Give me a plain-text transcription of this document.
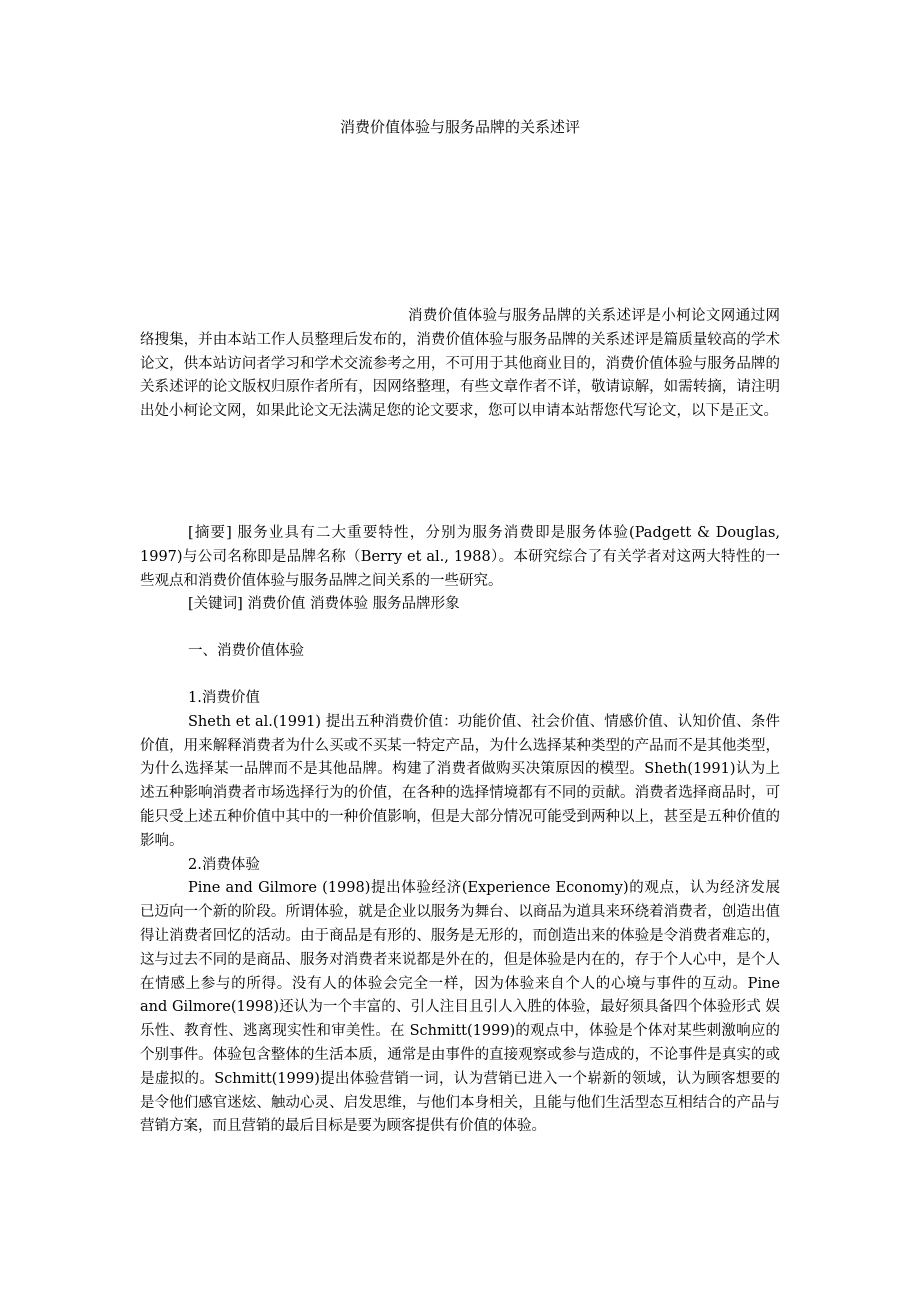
消费价值体验与服务品牌的关系述评

消费价值体验与服务品牌的关系述评是小柯论文网通过网络搜集，并由本站工作人员整理后发布的，消费价值体验与服务品牌的关系述评是篇质量较高的学术论文，供本站访问者学习和学术交流参考之用，不可用于其他商业目的，消费价值体验与服务品牌的关系述评的论文版权归原作者所有，因网络整理，有些文章作者不详，敬请谅解，如需转摘，请注明出处小柯论文网，如果此论文无法满足您的论文要求，您可以申请本站帮您代写论文，以下是正文。

[摘要] 服务业具有二大重要特性，分别为服务消费即是服务体验(Padgett & Douglas, 1997)与公司名称即是品牌名称（Berry et al., 1988）。本研究综合了有关学者对这两大特性的一些观点和消费价值体验与服务品牌之间关系的一些研究。

[关键词] 消费价值 消费体验 服务品牌形象

一、消费价值体验

1.消费价值

Sheth et al.(1991) 提出五种消费价值：功能价值、社会价值、情感价值、认知价值、条件价值，用来解释消费者为什么买或不买某一特定产品，为什么选择某种类型的产品而不是其他类型，为什么选择某一品牌而不是其他品牌。构建了消费者做购买决策原因的模型。Sheth(1991)认为上述五种影响消费者市场选择行为的价值，在各种的选择情境都有不同的贡献。消费者选择商品时，可能只受上述五种价值中其中的一种价值影响，但是大部分情况可能受到两种以上，甚至是五种价值的影响。

2.消费体验

Pine and Gilmore (1998)提出体验经济(Experience Economy)的观点，认为经济发展已迈向一个新的阶段。所谓体验，就是企业以服务为舞台、以商品为道具来环绕着消费者，创造出值得让消费者回忆的活动。由于商品是有形的、服务是无形的，而创造出来的体验是令消费者难忘的，这与过去不同的是商品、服务对消费者来说都是外在的，但是体验是内在的，存于个人心中，是个人在情感上参与的所得。没有人的体验会完全一样，因为体验来自个人的心境与事件的互动。Pine and Gilmore(1998)还认为一个丰富的、引人注目且引人入胜的体验，最好须具备四个体验形式 娱乐性、教育性、逃离现实性和审美性。在 Schmitt(1999)的观点中，体验是个体对某些刺激响应的个别事件。体验包含整体的生活本质，通常是由事件的直接观察或参与造成的，不论事件是真实的或是虚拟的。Schmitt(1999)提出体验营销一词，认为营销已进入一个崭新的领域，认为顾客想要的是令他们感官迷炫、触动心灵、启发思维，与他们本身相关，且能与他们生活型态互相结合的产品与营销方案，而且营销的最后目标是要为顾客提供有价值的体验。
